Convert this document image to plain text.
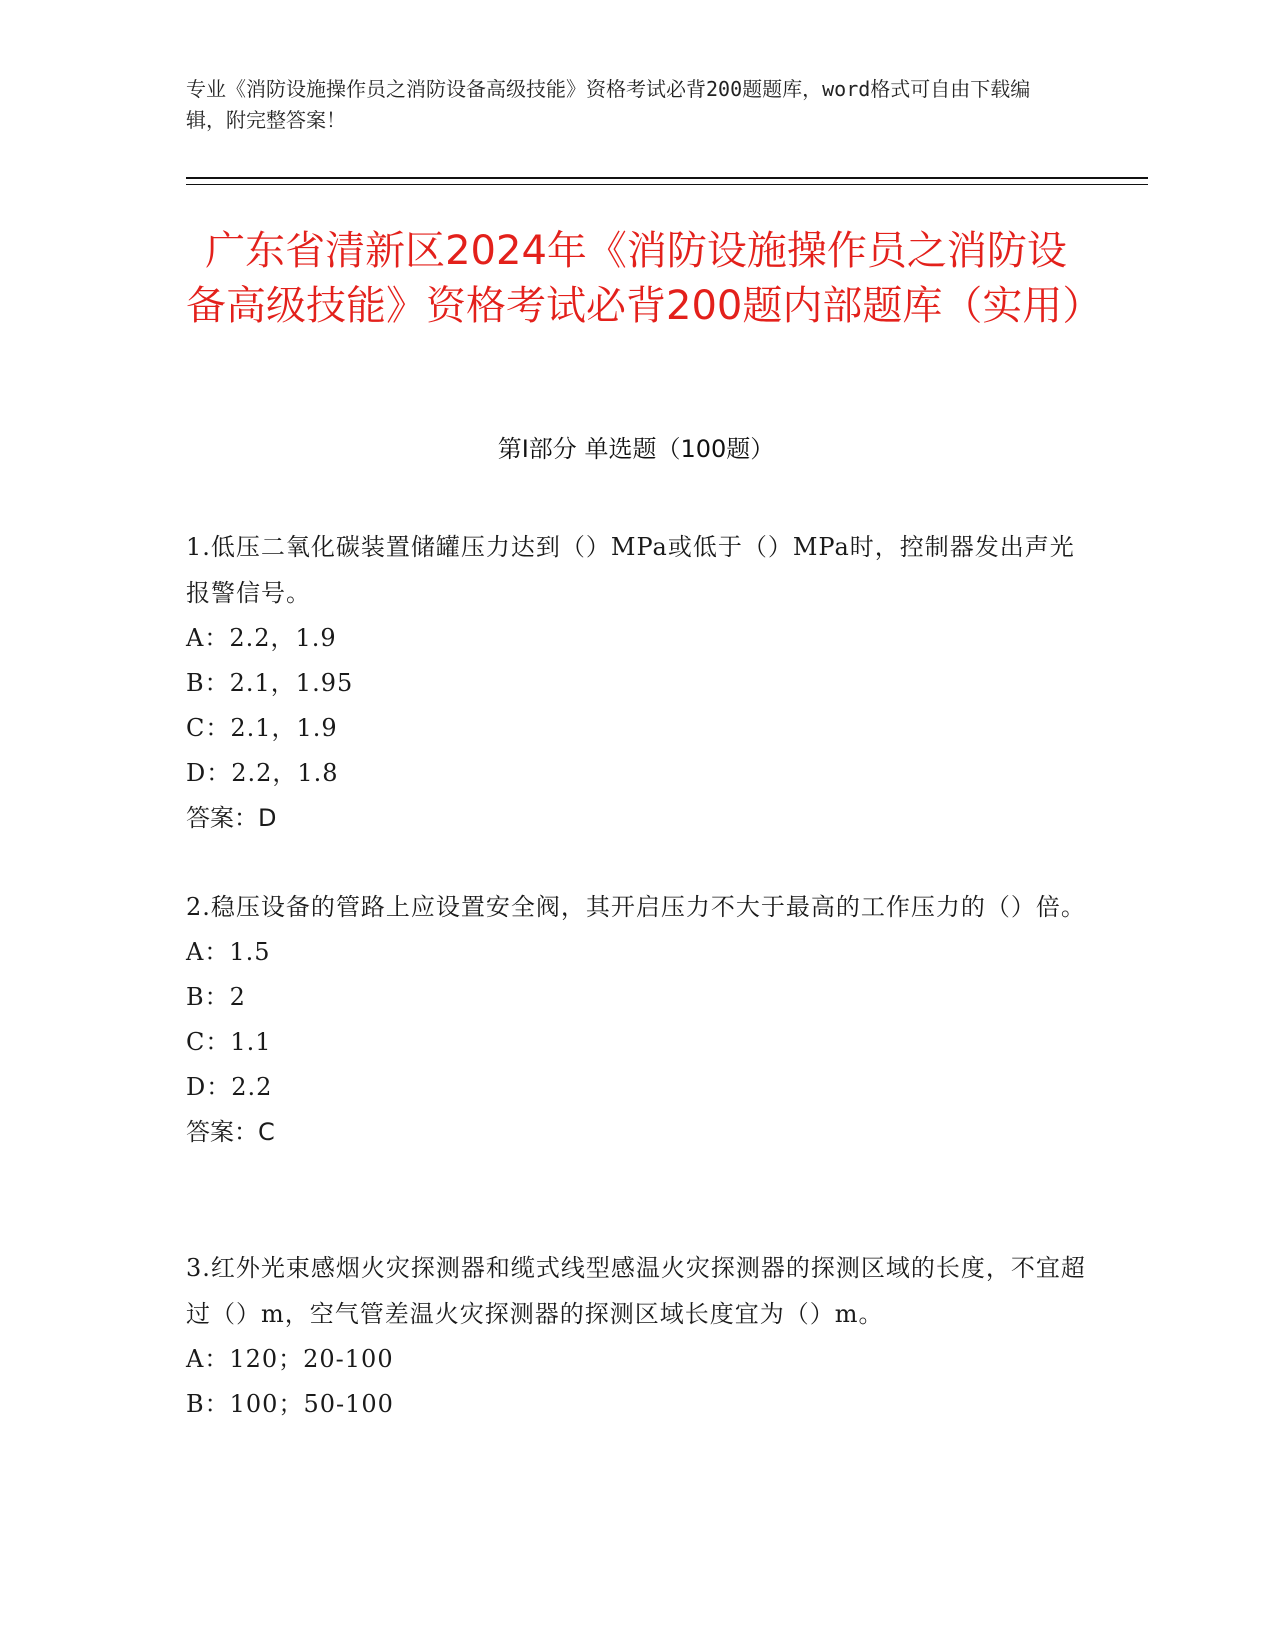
专业《消防设施操作员之消防设备高级技能》资格考试必背200题题库，word格式可自由下载编辑，附完整答案！
广东省清新区2024年《消防设施操作员之消防设备高级技能》资格考试必背200题内部题库（实用）
第Ⅰ部分 单选题（100题）
1.低压二氧化碳装置储罐压力达到（）MPa或低于（）MPa时，控制器发出声光报警信号。
A：2.2，1.9
B：2.1，1.95
C：2.1，1.9
D：2.2，1.8
答案：D
2.稳压设备的管路上应设置安全阀，其开启压力不大于最高的工作压力的（）倍。
A：1.5
B：2
C：1.1
D：2.2
答案：C
3.红外光束感烟火灾探测器和缆式线型感温火灾探测器的探测区域的长度，不宜超过（）m，空气管差温火灾探测器的探测区域长度宜为（）m。
A：120；20-100
B：100；50-100
